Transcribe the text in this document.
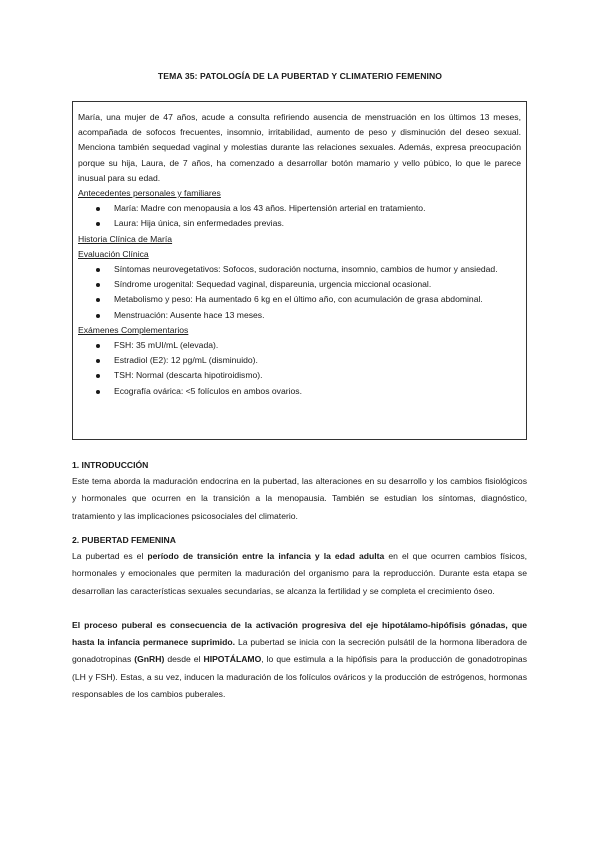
TEMA 35: PATOLOGÍA DE LA PUBERTAD Y CLIMATERIO FEMENINO

María, una mujer de 47 años, acude a consulta refiriendo ausencia de menstruación en los últimos 13 meses, acompañada de sofocos frecuentes, insomnio, irritabilidad, aumento de peso y disminución del deseo sexual. Menciona también sequedad vaginal y molestias durante las relaciones sexuales. Además, expresa preocupación porque su hija, Laura, de 7 años, ha comenzado a desarrollar botón mamario y vello púbico, lo que le parece inusual para su edad.

Antecedentes personales y familiares
María: Madre con menopausia a los 43 años. Hipertensión arterial en tratamiento.
Laura: Hija única, sin enfermedades previas.
Historia Clínica de María
Evaluación Clínica
Síntomas neurovegetativos: Sofocos, sudoración nocturna, insomnio, cambios de humor y ansiedad.
Síndrome urogenital: Sequedad vaginal, dispareunia, urgencia miccional ocasional.
Metabolismo y peso: Ha aumentado 6 kg en el último año, con acumulación de grasa abdominal.
Menstruación: Ausente hace 13 meses.
Exámenes Complementarios
FSH: 35 mUI/mL (elevada).
Estradiol (E2): 12 pg/mL (disminuido).
TSH: Normal (descarta hipotiroidismo).
Ecografía ovárica: <5 folículos en ambos ovarios.
1. INTRODUCCIÓN

Este tema aborda la maduración endocrina en la pubertad, las alteraciones en su desarrollo y los cambios fisiológicos y hormonales que ocurren en la transición a la menopausia. También se estudian los síntomas, diagnóstico, tratamiento y las implicaciones psicosociales del climaterio.

2. PUBERTAD FEMENINA

La pubertad es el período de transición entre la infancia y la edad adulta en el que ocurren cambios físicos, hormonales y emocionales que permiten la maduración del organismo para la reproducción. Durante esta etapa se desarrollan las características sexuales secundarias, se alcanza la fertilidad y se completa el crecimiento óseo.

El proceso puberal es consecuencia de la activación progresiva del eje hipotálamo-hipófisis gónadas, que hasta la infancia permanece suprimido. La pubertad se inicia con la secreción pulsátil de la hormona liberadora de gonadotropinas (GnRH) desde el HIPOTÁLAMO, lo que estimula a la hipófisis para la producción de gonadotropinas (LH y FSH). Estas, a su vez, inducen la maduración de los folículos ováricos y la producción de estrógenos, hormonas responsables de los cambios puberales.
